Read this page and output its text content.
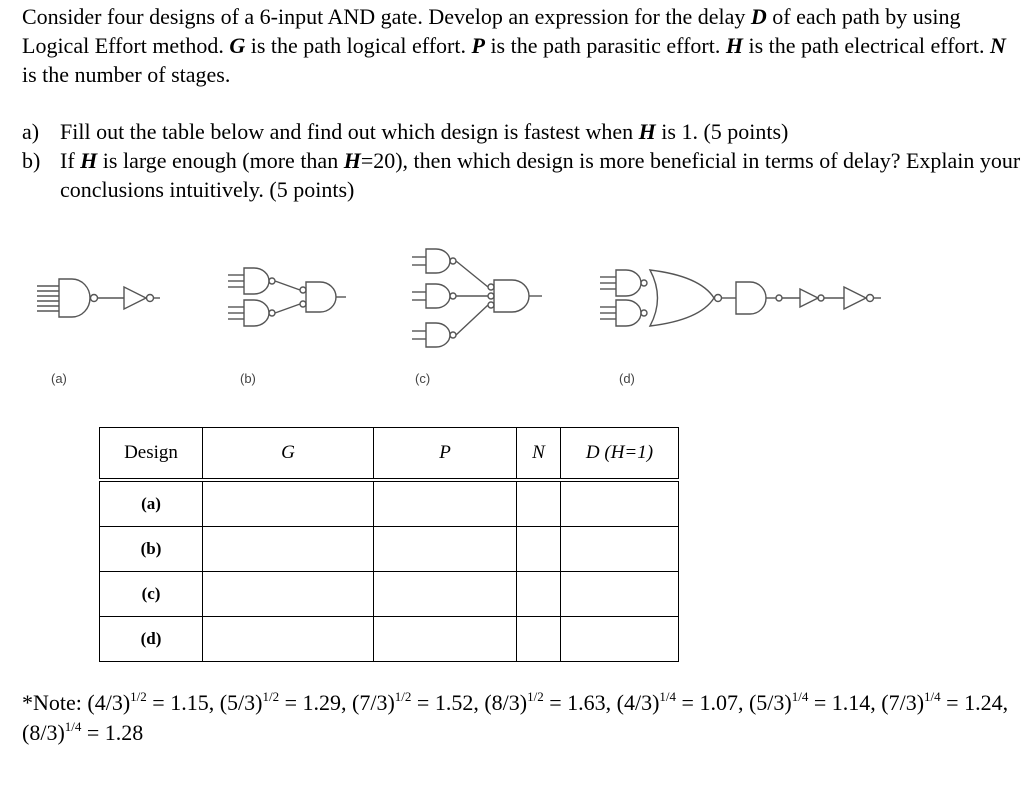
Consider four designs of a 6-input AND gate. Develop an expression for the delay D of each path by using Logical Effort method. G is the path logical effort. P is the path parasitic effort. H is the path electrical effort. N is the number of stages.

a) Fill out the table below and find out which design is fastest when H is 1. (5 points)
b) If H is large enough (more than H=20), then which design is more beneficial in terms of delay? Explain your conclusions intuitively. (5 points)
(a)	(b)	(c)	(d)
Design	G	P	N	D (H=1)
(a)				
(b)				
(c)				
(d)				

*Note: $(4/3)^{1/2} = 1.15$, $(5/3)^{1/2} = 1.29$, $(7/3)^{1/2} = 1.52$, $(8/3)^{1/2} = 1.63$, $(4/3)^{1/4} = 1.07$, $(5/3)^{1/4} = 1.14$, $(7/3)^{1/4} = 1.24$, $(8/3)^{1/4} = 1.28$
